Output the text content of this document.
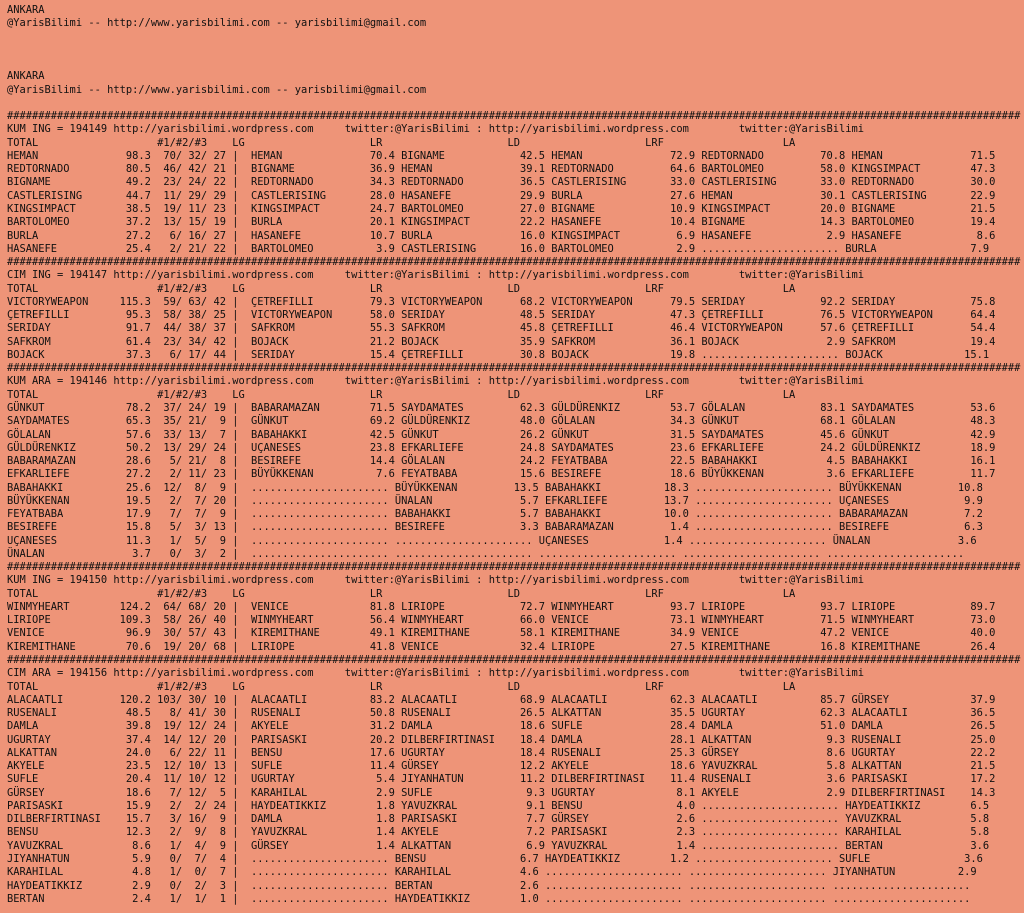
ANKARA
@YarisBilimi -- http://www.yarisbilimi.com -- yarisbilimi@gmail.com
ANKARA
@YarisBilimi -- http://www.yarisbilimi.com -- yarisbilimi@gmail.com
##################################################################################################################################################################
KUM ING = 194149 http://yarisbilimi.wordpress.com     twitter:@YarisBilimi : http://yarisbilimi.wordpress.com        twitter:@YarisBilimi
TOTAL                   #1/#2/#3    LG                    LR                    LD                    LRF                   LA
HEMAN              98.3  70/ 32/ 27 |  HEMAN              70.4 BIGNAME            42.5 HEMAN              72.9 REDTORNADO         70.8 HEMAN              71.5
REDTORNADO         80.5  46/ 42/ 21 |  BIGNAME            36.9 HEMAN              39.1 REDTORNADO         64.6 BARTOLOMEO         58.0 KINGSIMPACT        47.3
BIGNAME            49.2  23/ 24/ 22 |  REDTORNADO         34.3 REDTORNADO         36.5 CASTLERISING       33.0 CASTLERISING       33.0 REDTORNADO         30.0
CASTLERISING       44.7  11/ 29/ 29 |  CASTLERISING       28.0 HASANEFE           29.9 BURLA              27.6 HEMAN              30.1 CASTLERISING       22.9
KINGSIMPACT        38.5  19/ 11/ 23 |  KINGSIMPACT        24.7 BARTOLOMEO         27.0 BIGNAME            10.9 KINGSIMPACT        20.0 BIGNAME            21.5
BARTOLOMEO         37.2  13/ 15/ 19 |  BURLA              20.1 KINGSIMPACT        22.2 HASANEFE           10.4 BIGNAME            14.3 BARTOLOMEO         19.4
BURLA              27.2   6/ 16/ 27 |  HASANEFE           10.7 BURLA              16.0 KINGSIMPACT         6.9 HASANEFE            2.9 HASANEFE            8.6
HASANEFE           25.4   2/ 21/ 22 |  BARTOLOMEO          3.9 CASTLERISING       16.0 BARTOLOMEO          2.9 ...................... BURLA               7.9
##################################################################################################################################################################
CIM ING = 194147 http://yarisbilimi.wordpress.com     twitter:@YarisBilimi : http://yarisbilimi.wordpress.com        twitter:@YarisBilimi
TOTAL                   #1/#2/#3    LG                    LR                    LD                    LRF                   LA
VICTORYWEAPON     115.3  59/ 63/ 42 |  ÇETREFILLI         79.3 VICTORYWEAPON      68.2 VICTORYWEAPON      79.5 SERIDAY            92.2 SERIDAY            75.8
ÇETREFILLI         95.3  58/ 38/ 25 |  VICTORYWEAPON      58.0 SERIDAY            48.5 SERIDAY            47.3 ÇETREFILLI         76.5 VICTORYWEAPON      64.4
SERIDAY            91.7  44/ 38/ 37 |  SAFKROM            55.3 SAFKROM            45.8 ÇETREFILLI         46.4 VICTORYWEAPON      57.6 ÇETREFILLI         54.4
SAFKROM            61.4  23/ 34/ 42 |  BOJACK             21.2 BOJACK             35.9 SAFKROM            36.1 BOJACK              2.9 SAFKROM            19.4
BOJACK             37.3   6/ 17/ 44 |  SERIDAY            15.4 ÇETREFILLI         30.8 BOJACK             19.8 ...................... BOJACK             15.1
##################################################################################################################################################################
KUM ARA = 194146 http://yarisbilimi.wordpress.com     twitter:@YarisBilimi : http://yarisbilimi.wordpress.com        twitter:@YarisBilimi
TOTAL                   #1/#2/#3    LG                    LR                    LD                    LRF                   LA
GÜNKUT             78.2  37/ 24/ 19 |  BABARAMAZAN        71.5 SAYDAMATES         62.3 GÜLDÜRENKIZ        53.7 GÖLALAN            83.1 SAYDAMATES         53.6
SAYDAMATES         65.3  35/ 21/  9 |  GÜNKUT             69.2 GÜLDÜRENKIZ        48.0 GÖLALAN            34.3 GÜNKUT             68.1 GÖLALAN            48.3
GÖLALAN            57.6  33/ 13/  7 |  BABAHAKKI          42.5 GÜNKUT             26.2 GÜNKUT             31.5 SAYDAMATES         45.6 GÜNKUT             42.9
GÜLDÜRENKIZ        50.2  13/ 29/ 24 |  UÇANESES           23.8 EFKARLIEFE         24.8 SAYDAMATES         23.6 EFKARLIEFE         24.2 GÜLDÜRENKIZ        18.9
BABARAMAZAN        28.6   5/ 21/  8 |  BESIREFE           14.4 GÖLALAN            24.2 FEYATBABA          22.5 BABAHAKKI           4.5 BABAHAKKI          16.1
EFKARLIEFE         27.2   2/ 11/ 23 |  BÜYÜKKENAN          7.6 FEYATBABA          15.6 BESIREFE           18.6 BÜYÜKKENAN          3.6 EFKARLIEFE         11.7
BABAHAKKI          25.6  12/  8/  9 |  ...................... BÜYÜKKENAN         13.5 BABAHAKKI          18.3 ...................... BÜYÜKKENAN         10.8
BÜYÜKKENAN         19.5   2/  7/ 20 |  ...................... ÜNALAN              5.7 EFKARLIEFE         13.7 ...................... UÇANESES            9.9
FEYATBABA          17.9   7/  7/  9 |  ...................... BABAHAKKI           5.7 BABAHAKKI          10.0 ...................... BABARAMAZAN         7.2
BESIREFE           15.8   5/  3/ 13 |  ...................... BESIREFE            3.3 BABARAMAZAN         1.4 ...................... BESIREFE            6.3
UÇANESES           11.3   1/  5/  9 |  ...................... ...................... UÇANESES            1.4 ...................... ÜNALAN              3.6
ÜNALAN              3.7   0/  3/  2 |  ...................... ...................... ...................... ...................... ......................
##################################################################################################################################################################
KUM ING = 194150 http://yarisbilimi.wordpress.com     twitter:@YarisBilimi : http://yarisbilimi.wordpress.com        twitter:@YarisBilimi
TOTAL                   #1/#2/#3    LG                    LR                    LD                    LRF                   LA
WINMYHEART        124.2  64/ 68/ 20 |  VENICE             81.8 LIRIOPE            72.7 WINMYHEART         93.7 LIRIOPE            93.7 LIRIOPE            89.7
LIRIOPE           109.3  58/ 26/ 40 |  WINMYHEART         56.4 WINMYHEART         66.0 VENICE             73.1 WINMYHEART         71.5 WINMYHEART         73.0
VENICE             96.9  30/ 57/ 43 |  KIREMITHANE        49.1 KIREMITHANE        58.1 KIREMITHANE        34.9 VENICE             47.2 VENICE             40.0
KIREMITHANE        70.6  19/ 20/ 68 |  LIRIOPE            41.8 VENICE             32.4 LIRIOPE            27.5 KIREMITHANE        16.8 KIREMITHANE        26.4
##################################################################################################################################################################
CIM ARA = 194156 http://yarisbilimi.wordpress.com     twitter:@YarisBilimi : http://yarisbilimi.wordpress.com        twitter:@YarisBilimi
TOTAL                   #1/#2/#3    LG                    LR                    LD                    LRF                   LA
ALACAATLI         120.2 103/ 30/ 10 |  ALACAATLI          83.2 ALACAATLI          68.9 ALACAATLI          62.3 ALACAATLI          85.7 GÜRSEY             37.9
RUSENALI           48.5   8/ 41/ 30 |  RUSENALI           50.8 RUSENALI           26.5 ALKATTAN           35.5 UGURTAY            62.3 ALACAATLI          36.5
DAMLA              39.8  19/ 12/ 24 |  AKYELE             31.2 DAMLA              18.6 SUFLE              28.4 DAMLA              51.0 DAMLA              26.5
UGURTAY            37.4  14/ 12/ 20 |  PARISASKI          20.2 DILBERFIRTINASI    18.4 DAMLA              28.1 ALKATTAN            9.3 RUSENALI           25.0
ALKATTAN           24.0   6/ 22/ 11 |  BENSU              17.6 UGURTAY            18.4 RUSENALI           25.3 GÜRSEY              8.6 UGURTAY            22.2
AKYELE             23.5  12/ 10/ 13 |  SUFLE              11.4 GÜRSEY             12.2 AKYELE             18.6 YAVUZKRAL           5.8 ALKATTAN           21.5
SUFLE              20.4  11/ 10/ 12 |  UGURTAY             5.4 JIYANHATUN         11.2 DILBERFIRTINASI    11.4 RUSENALI            3.6 PARISASKI          17.2
GÜRSEY             18.6   7/ 12/  5 |  KARAHILAL           2.9 SUFLE               9.3 UGURTAY             8.1 AKYELE              2.9 DILBERFIRTINASI    14.3
PARISASKI          15.9   2/  2/ 24 |  HAYDEATIKKIZ        1.8 YAVUZKRAL           9.1 BENSU               4.0 ...................... HAYDEATIKKIZ        6.5
DILBERFIRTINASI    15.7   3/ 16/  9 |  DAMLA               1.8 PARISASKI           7.7 GÜRSEY              2.6 ...................... YAVUZKRAL           5.8
BENSU              12.3   2/  9/  8 |  YAVUZKRAL           1.4 AKYELE              7.2 PARISASKI           2.3 ...................... KARAHILAL           5.8
YAVUZKRAL           8.6   1/  4/  9 |  GÜRSEY              1.4 ALKATTAN            6.9 YAVUZKRAL           1.4 ...................... BERTAN              3.6
JIYANHATUN          5.9   0/  7/  4 |  ...................... BENSU               6.7 HAYDEATIKKIZ        1.2 ...................... SUFLE               3.6
KARAHILAL           4.8   1/  0/  7 |  ...................... KARAHILAL           4.6 ...................... ...................... JIYANHATUN          2.9
HAYDEATIKKIZ        2.9   0/  2/  3 |  ...................... BERTAN              2.6 ...................... ...................... ......................
BERTAN              2.4   1/  1/  1 |  ...................... HAYDEATIKKIZ        1.0 ...................... ...................... ......................
